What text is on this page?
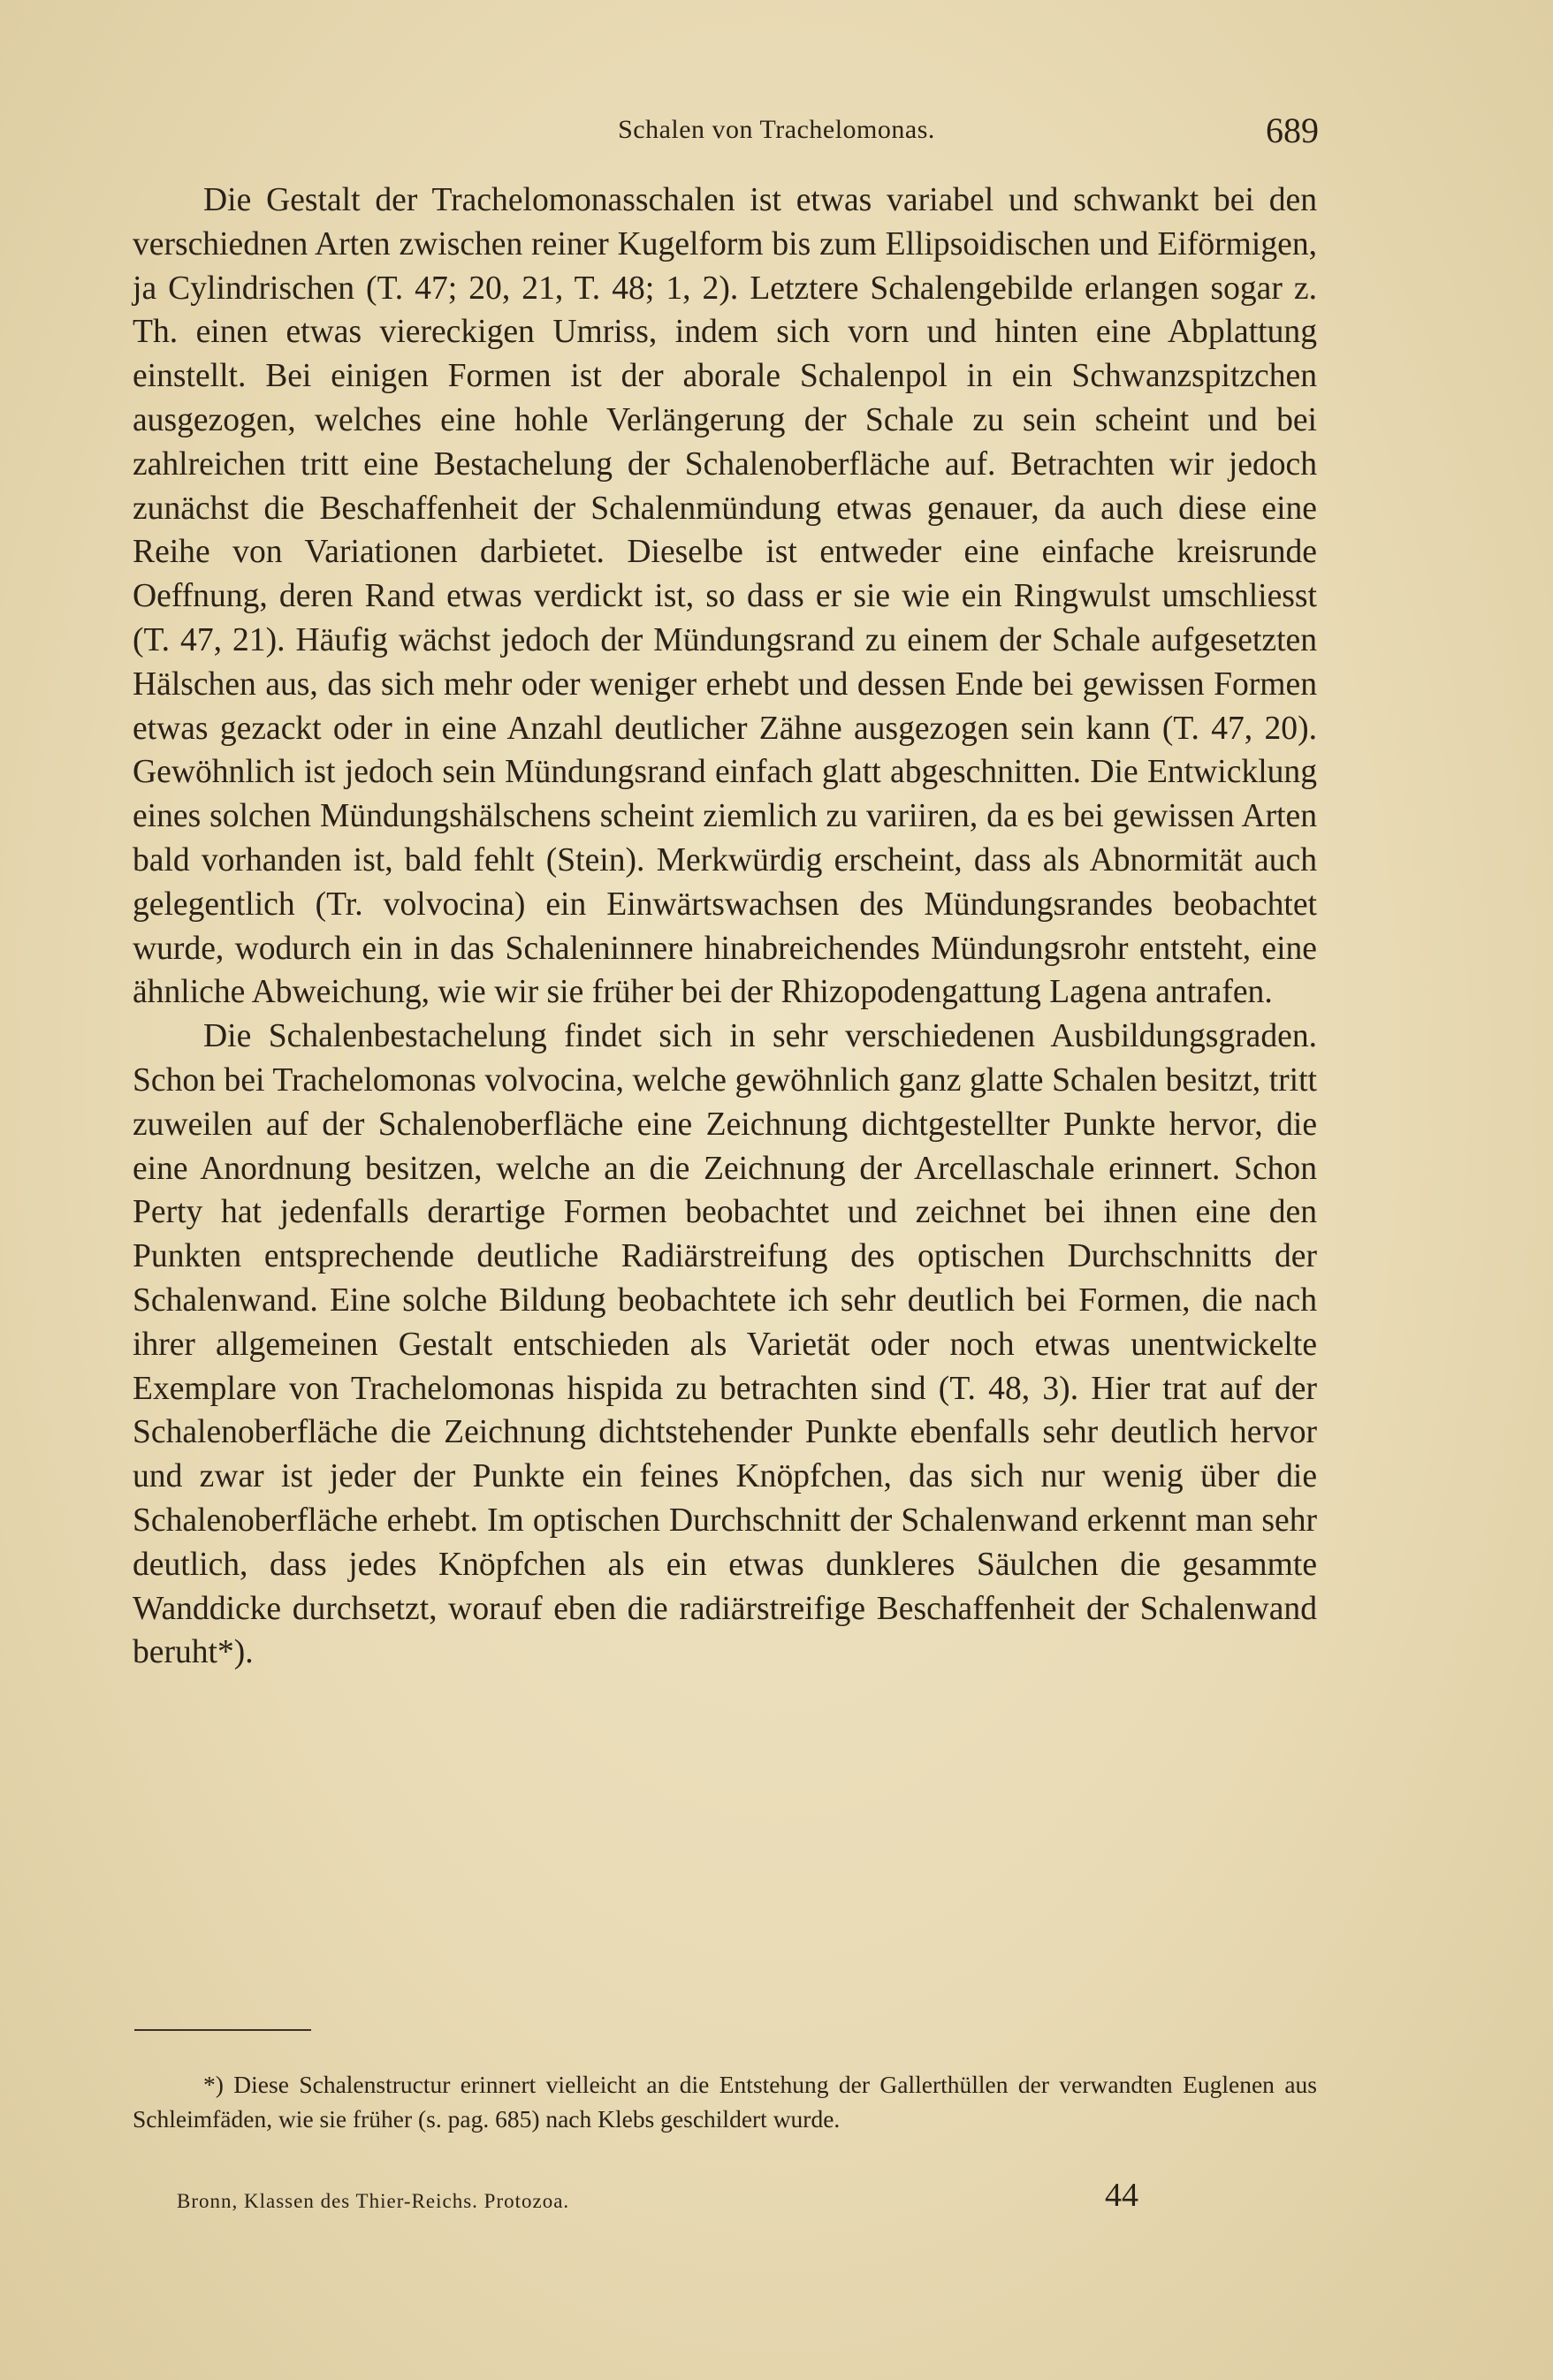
Schalen von Trachelomonas.	689

Die Gestalt der Trachelomonasschalen ist etwas variabel und schwankt bei den verschiednen Arten zwischen reiner Kugelform bis zum Ellipsoidischen und Eiförmigen, ja Cylindrischen (T. 47; 20, 21, T. 48; 1, 2). Letztere Schalengebilde erlangen sogar z. Th. einen etwas viereckigen Umriss, indem sich vorn und hinten eine Abplattung einstellt. Bei einigen Formen ist der aborale Schalenpol in ein Schwanzspitzchen ausgezogen, welches eine hohle Verlängerung der Schale zu sein scheint und bei zahlreichen tritt eine Bestachelung der Schalenoberfläche auf. Betrachten wir jedoch zunächst die Beschaffenheit der Schalenmündung etwas genauer, da auch diese eine Reihe von Variationen darbietet. Dieselbe ist entweder eine einfache kreisrunde Oeffnung, deren Rand etwas verdickt ist, so dass er sie wie ein Ringwulst umschliesst (T. 47, 21). Häufig wächst jedoch der Mündungsrand zu einem der Schale aufgesetzten Hälschen aus, das sich mehr oder weniger erhebt und dessen Ende bei gewissen Formen etwas gezackt oder in eine Anzahl deutlicher Zähne ausgezogen sein kann (T. 47, 20). Gewöhnlich ist jedoch sein Mündungsrand einfach glatt abgeschnitten. Die Entwicklung eines solchen Mündungshälschens scheint ziemlich zu variiren, da es bei gewissen Arten bald vorhanden ist, bald fehlt (Stein). Merkwürdig erscheint, dass als Abnormität auch gelegentlich (Tr. volvocina) ein Einwärtswachsen des Mündungsrandes beobachtet wurde, wodurch ein in das Schaleninnere hinabreichendes Mündungsrohr entsteht, eine ähnliche Abweichung, wie wir sie früher bei der Rhizopodengattung Lagena antrafen.

Die Schalenbestachelung findet sich in sehr verschiedenen Ausbildungsgraden. Schon bei Trachelomonas volvocina, welche gewöhnlich ganz glatte Schalen besitzt, tritt zuweilen auf der Schalenoberfläche eine Zeichnung dichtgestellter Punkte hervor, die eine Anordnung besitzen, welche an die Zeichnung der Arcellaschale erinnert. Schon Perty hat jedenfalls derartige Formen beobachtet und zeichnet bei ihnen eine den Punkten entsprechende deutliche Radiärstreifung des optischen Durchschnitts der Schalenwand. Eine solche Bildung beobachtete ich sehr deutlich bei Formen, die nach ihrer allgemeinen Gestalt entschieden als Varietät oder noch etwas unentwickelte Exemplare von Trachelomonas hispida zu betrachten sind (T. 48, 3). Hier trat auf der Schalenoberfläche die Zeichnung dichtstehender Punkte ebenfalls sehr deutlich hervor und zwar ist jeder der Punkte ein feines Knöpfchen, das sich nur wenig über die Schalenoberfläche erhebt. Im optischen Durchschnitt der Schalenwand erkennt man sehr deutlich, dass jedes Knöpfchen als ein etwas dunkleres Säulchen die gesammte Wanddicke durchsetzt, worauf eben die radiärstreifige Beschaffenheit der Schalenwand beruht*).

*) Diese Schalenstructur erinnert vielleicht an die Entstehung der Gallerthüllen der verwandten Euglenen aus Schleimfäden, wie sie früher (s. pag. 685) nach Klebs geschildert wurde.
Bronn, Klassen des Thier-Reichs. Protozoa.	44
